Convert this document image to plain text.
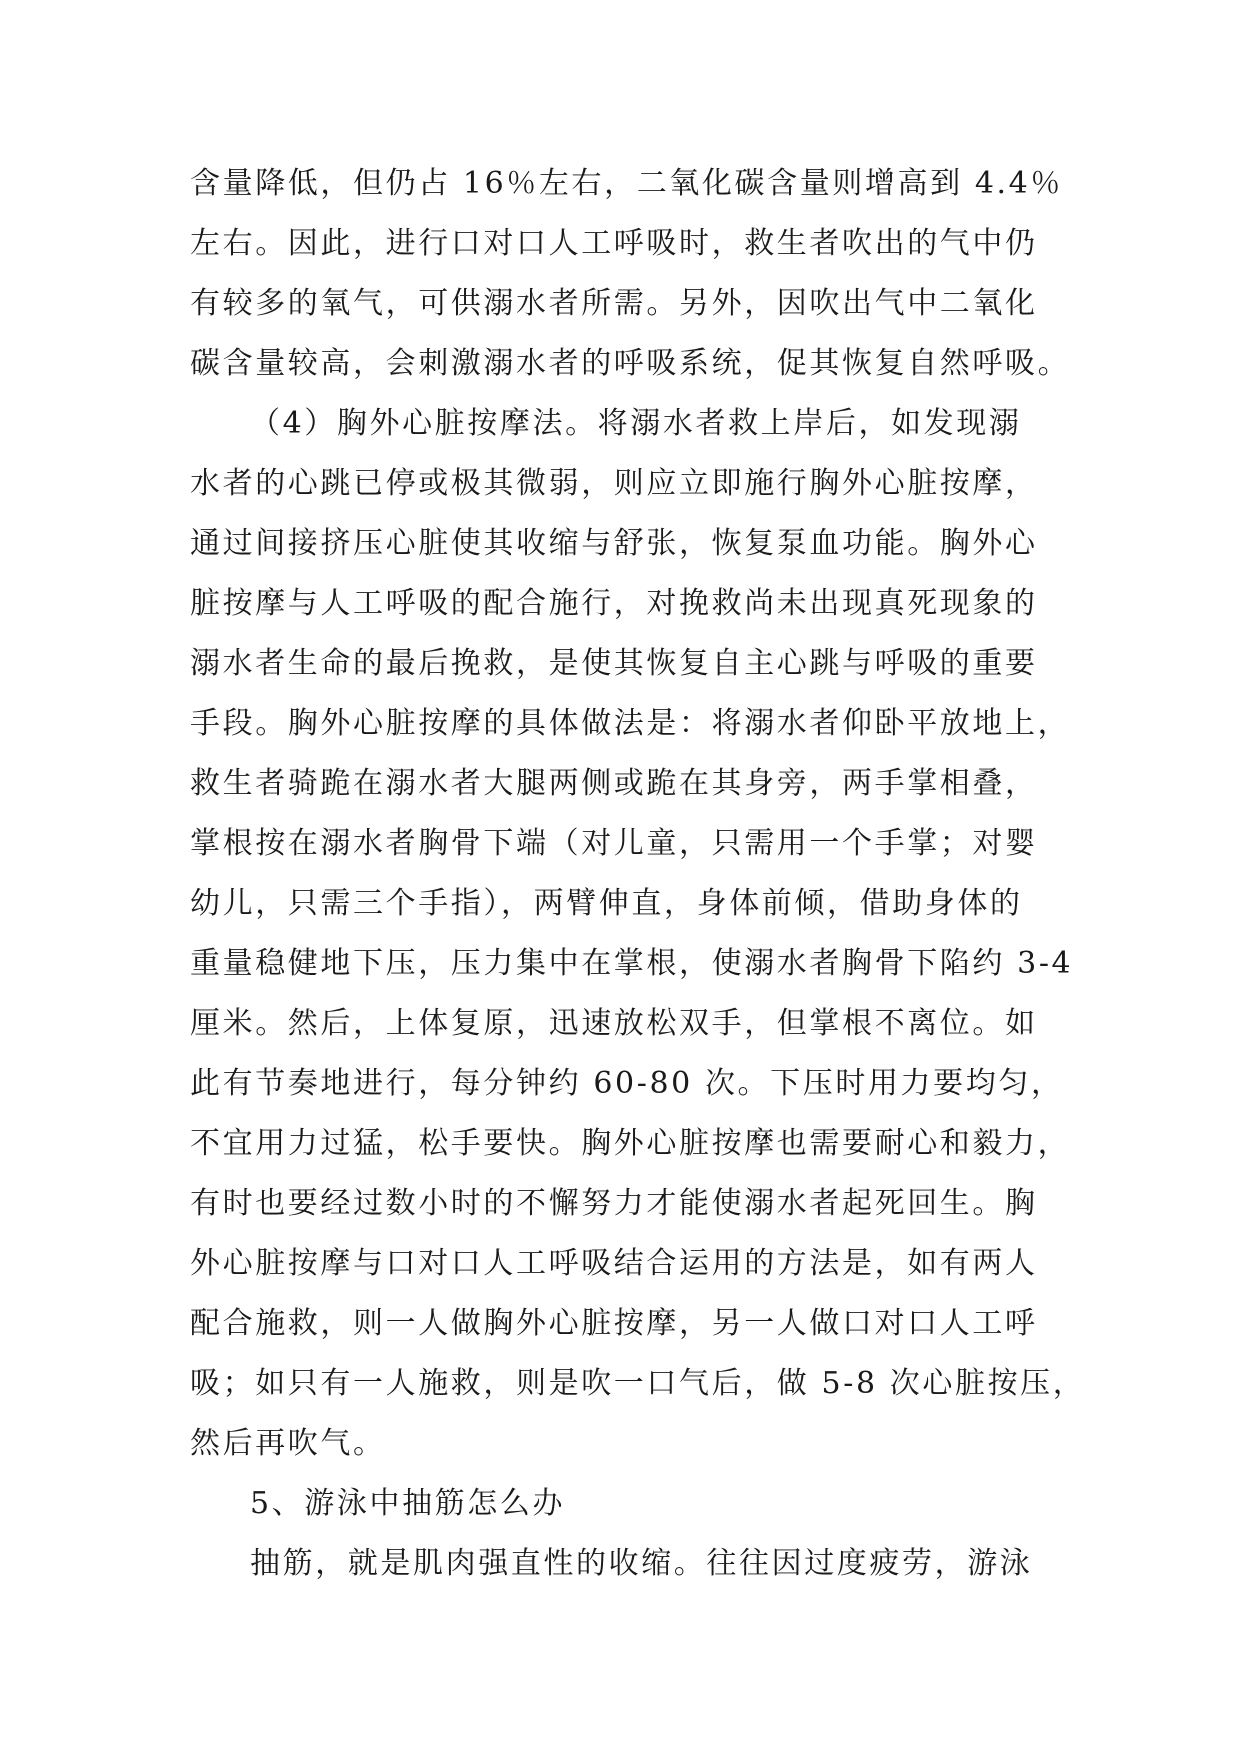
含量降低，但仍占 16％左右，二氧化碳含量则增高到 4.4％
左右。因此，进行口对口人工呼吸时，救生者吹出的气中仍
有较多的氧气，可供溺水者所需。另外，因吹出气中二氧化
碳含量较高，会刺激溺水者的呼吸系统，促其恢复自然呼吸。
（4）胸外心脏按摩法。将溺水者救上岸后，如发现溺
水者的心跳已停或极其微弱，则应立即施行胸外心脏按摩，
通过间接挤压心脏使其收缩与舒张，恢复泵血功能。胸外心
脏按摩与人工呼吸的配合施行，对挽救尚未出现真死现象的
溺水者生命的最后挽救，是使其恢复自主心跳与呼吸的重要
手段。胸外心脏按摩的具体做法是：将溺水者仰卧平放地上，
救生者骑跪在溺水者大腿两侧或跪在其身旁，两手掌相叠，
掌根按在溺水者胸骨下端（对儿童，只需用一个手掌；对婴
幼儿，只需三个手指），两臂伸直，身体前倾，借助身体的
重量稳健地下压，压力集中在掌根，使溺水者胸骨下陷约 3-4
厘米。然后，上体复原，迅速放松双手，但掌根不离位。如
此有节奏地进行，每分钟约 60-80 次。下压时用力要均匀，
不宜用力过猛，松手要快。胸外心脏按摩也需要耐心和毅力，
有时也要经过数小时的不懈努力才能使溺水者起死回生。胸
外心脏按摩与口对口人工呼吸结合运用的方法是，如有两人
配合施救，则一人做胸外心脏按摩，另一人做口对口人工呼
吸；如只有一人施救，则是吹一口气后，做 5-8 次心脏按压，
然后再吹气。
5、游泳中抽筋怎么办
抽筋，就是肌肉强直性的收缩。往往因过度疲劳，游泳
